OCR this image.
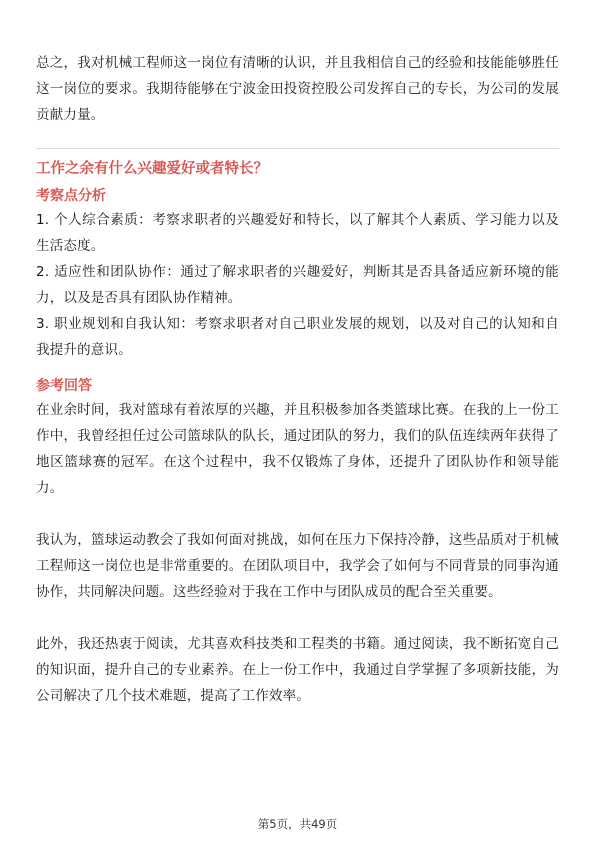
总之，我对机械工程师这一岗位有清晰的认识，并且我相信自己的经验和技能能够胜任这一岗位的要求。我期待能够在宁波金田投资控股公司发挥自己的专长，为公司的发展贡献力量。

工作之余有什么兴趣爱好或者特长？

考察点分析

1. 个人综合素质：考察求职者的兴趣爱好和特长，以了解其个人素质、学习能力以及生活态度。

2. 适应性和团队协作：通过了解求职者的兴趣爱好，判断其是否具备适应新环境的能力，以及是否具有团队协作精神。

3. 职业规划和自我认知：考察求职者对自己职业发展的规划，以及对自己的认知和自我提升的意识。

参考回答

在业余时间，我对篮球有着浓厚的兴趣，并且积极参加各类篮球比赛。在我的上一份工作中，我曾经担任过公司篮球队的队长，通过团队的努力，我们的队伍连续两年获得了地区篮球赛的冠军。在这个过程中，我不仅锻炼了身体，还提升了团队协作和领导能力。

我认为，篮球运动教会了我如何面对挑战，如何在压力下保持冷静，这些品质对于机械工程师这一岗位也是非常重要的。在团队项目中，我学会了如何与不同背景的同事沟通协作，共同解决问题。这些经验对于我在工作中与团队成员的配合至关重要。

此外，我还热衷于阅读，尤其喜欢科技类和工程类的书籍。通过阅读，我不断拓宽自己的知识面，提升自己的专业素养。在上一份工作中，我通过自学掌握了多项新技能，为公司解决了几个技术难题，提高了工作效率。

第5页，共49页
